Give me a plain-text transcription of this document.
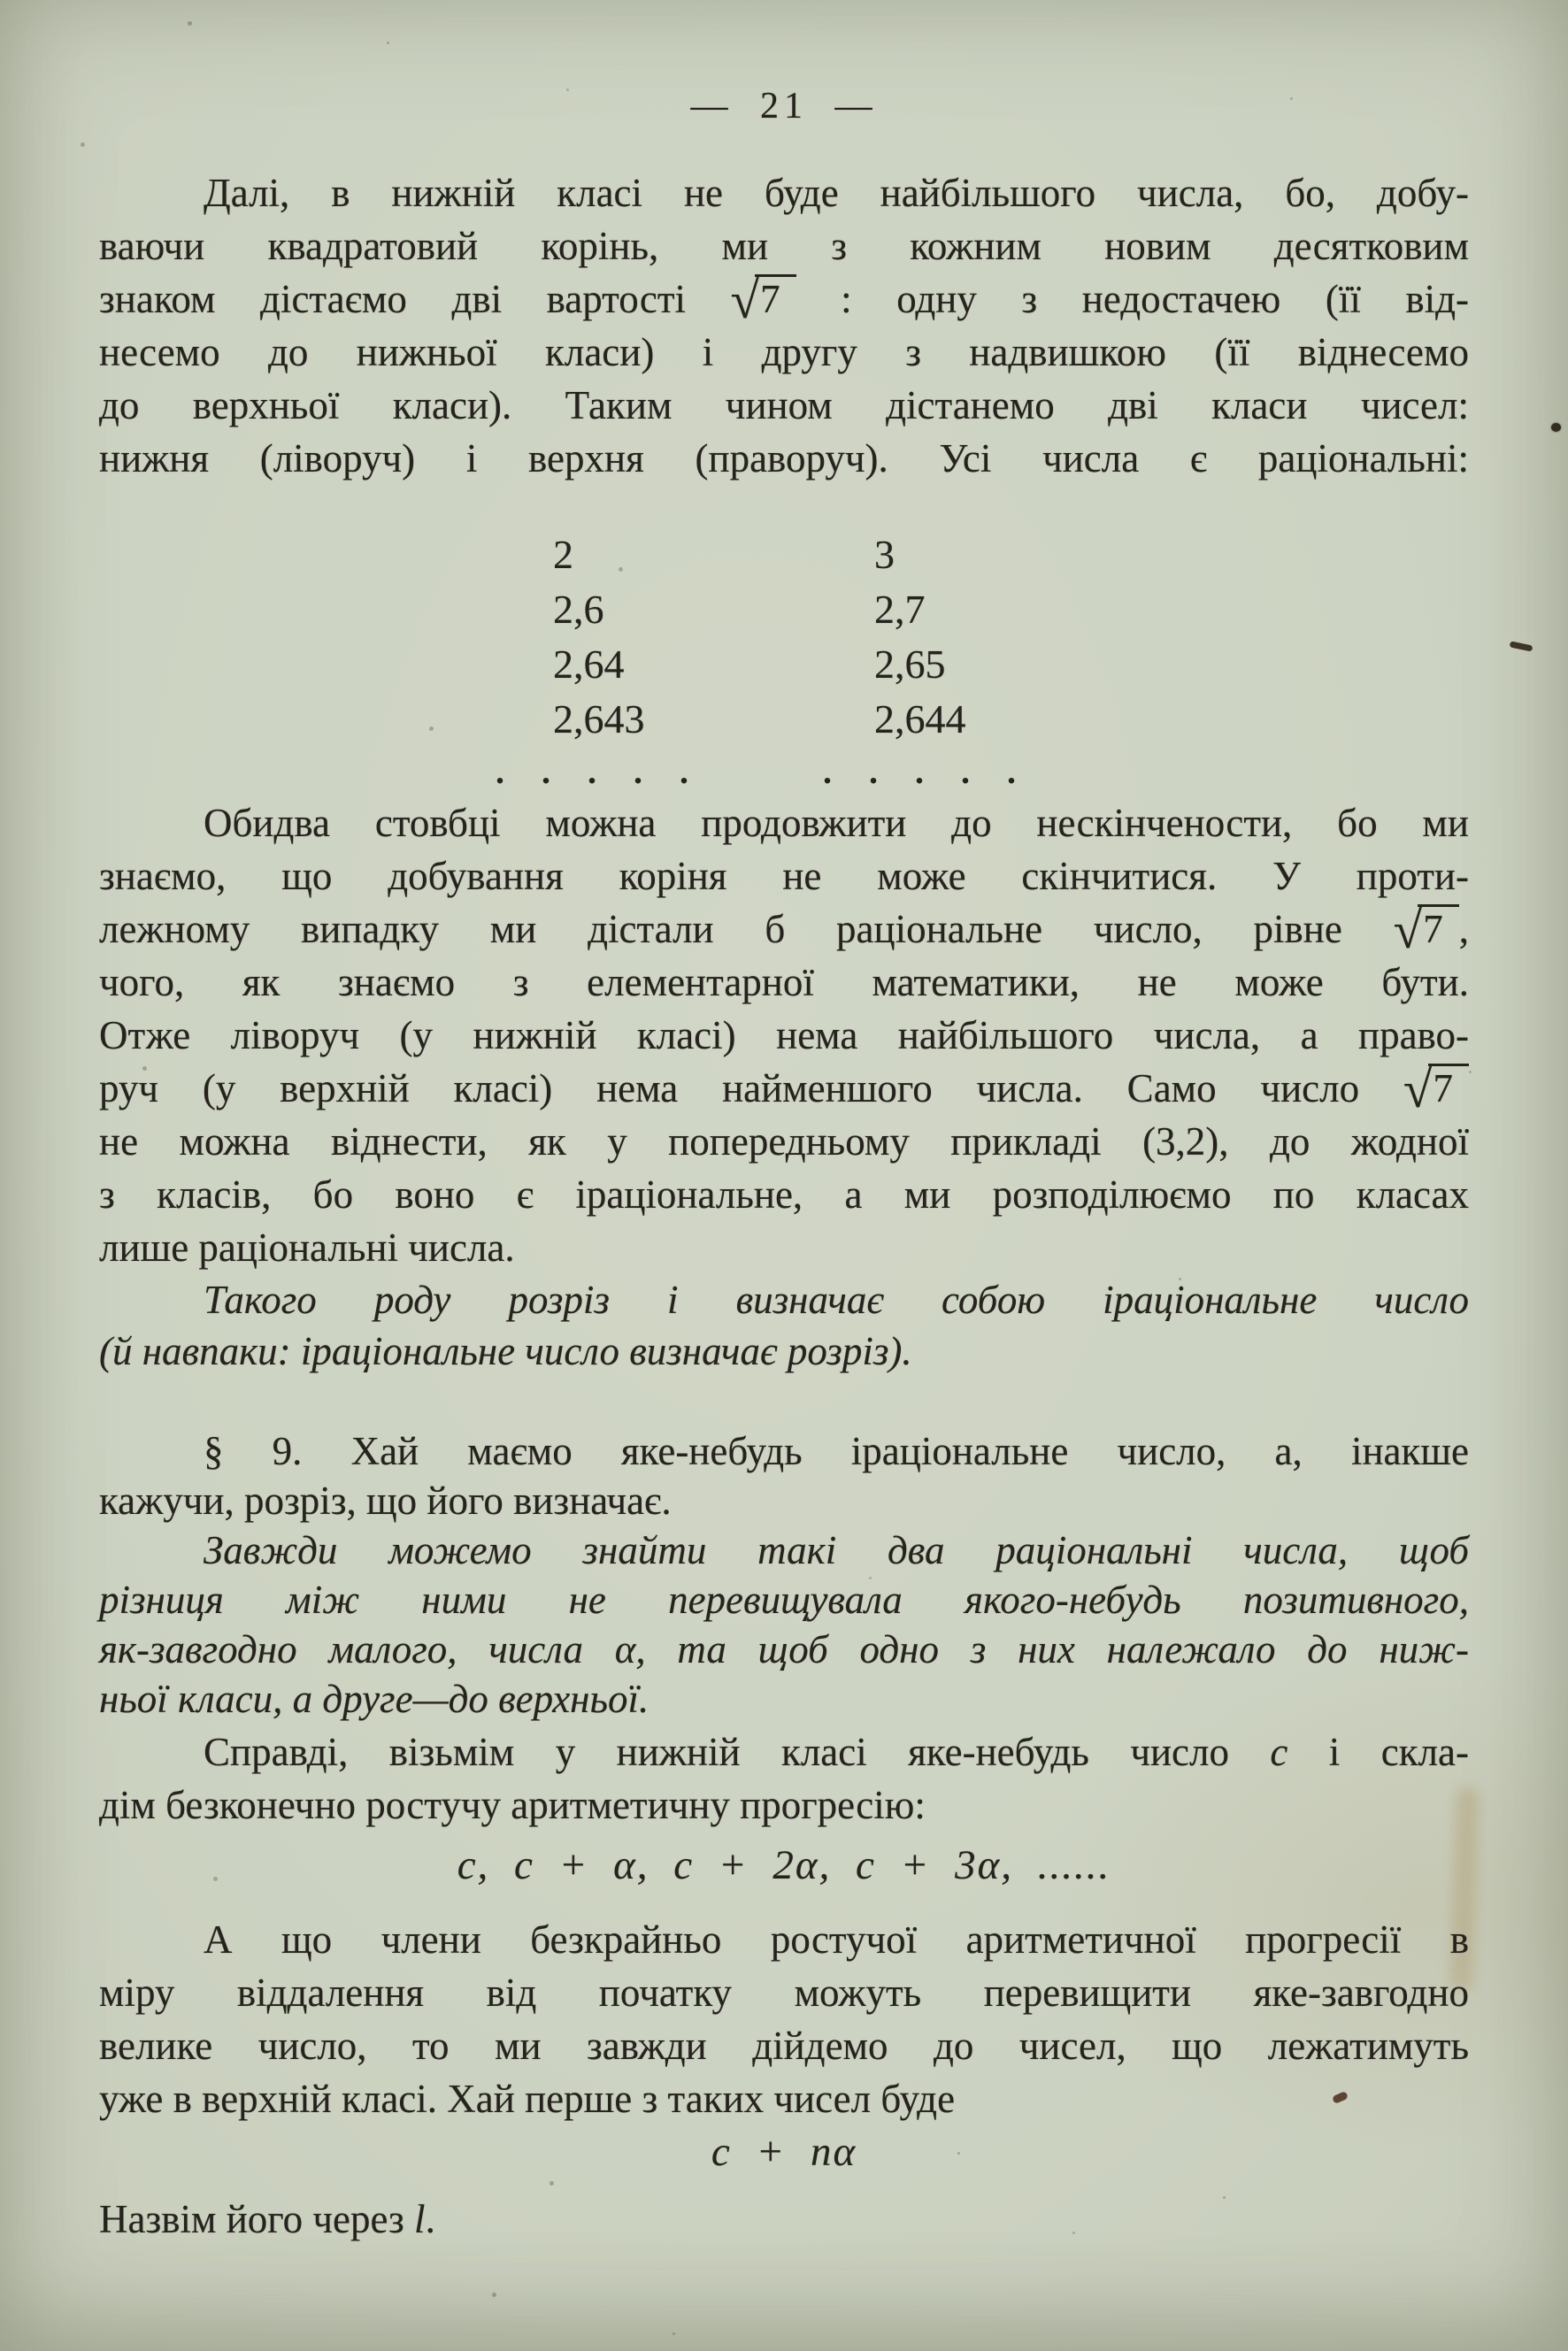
— 21 —
Далі, в нижній класі не буде найбільшого числа, бо, добу-
ваючи квадратовий корінь, ми з кожним новим десятковим
знаком дістаємо дві вартості √7 : одну з недостачею (її від-
несемо до нижньої класи) і другу з надвишкою (її віднесемо
до верхньої класи). Таким чином дістанемо дві класи чисел:
нижня (ліворуч) і верхня (праворуч). Усі числа є раціональні:
2	3
2,6	2,7
2,64	2,65
2,643	2,644
. . . . .	. . . . .
Обидва стовбці можна продовжити до нескінчености, бо ми
знаємо, що добування коріня не може скінчитися. У проти-
лежному випадку ми дістали б раціональне число, рівне √7 ,
чого, як знаємо з елементарної математики, не може бути.
Отже ліворуч (у нижній класі) нема найбільшого числа, а право-
руч (у верхній класі) нема найменшого числа. Само число √7
не можна віднести, як у попередньому прикладі (3,2), до жодної
з класів, бо воно є іраціональне, а ми розподілюємо по класах
лише раціональні числа.
Такого роду розріз і визначає собою іраціональне число
(й навпаки: іраціональне число визначає розріз).
§ 9. Хай маємо яке-небудь іраціональне число, а, інакше
кажучи, розріз, що його визначає.
Завжди можемо знайти такі два раціональні числа, щоб
різниця між ними не перевищувала якого-небудь позитивного,
як-завгодно малого, числа α, та щоб одно з них належало до ниж-
ньої класи, а друге—до верхньої.
Справді, візьмім у нижній класі яке-небудь число с і скла-
дім безконечно ростучу аритметичну прогресію:
с, с + α, с + 2α, с + 3α, ......
А що члени безкрайньо ростучої аритметичної прогресії в
міру віддалення від початку можуть перевищити яке-завгодно
велике число, то ми завжди дійдемо до чисел, що лежатимуть
уже в верхній класі. Хай перше з таких чисел буде
с + nα
Назвім його через l.
